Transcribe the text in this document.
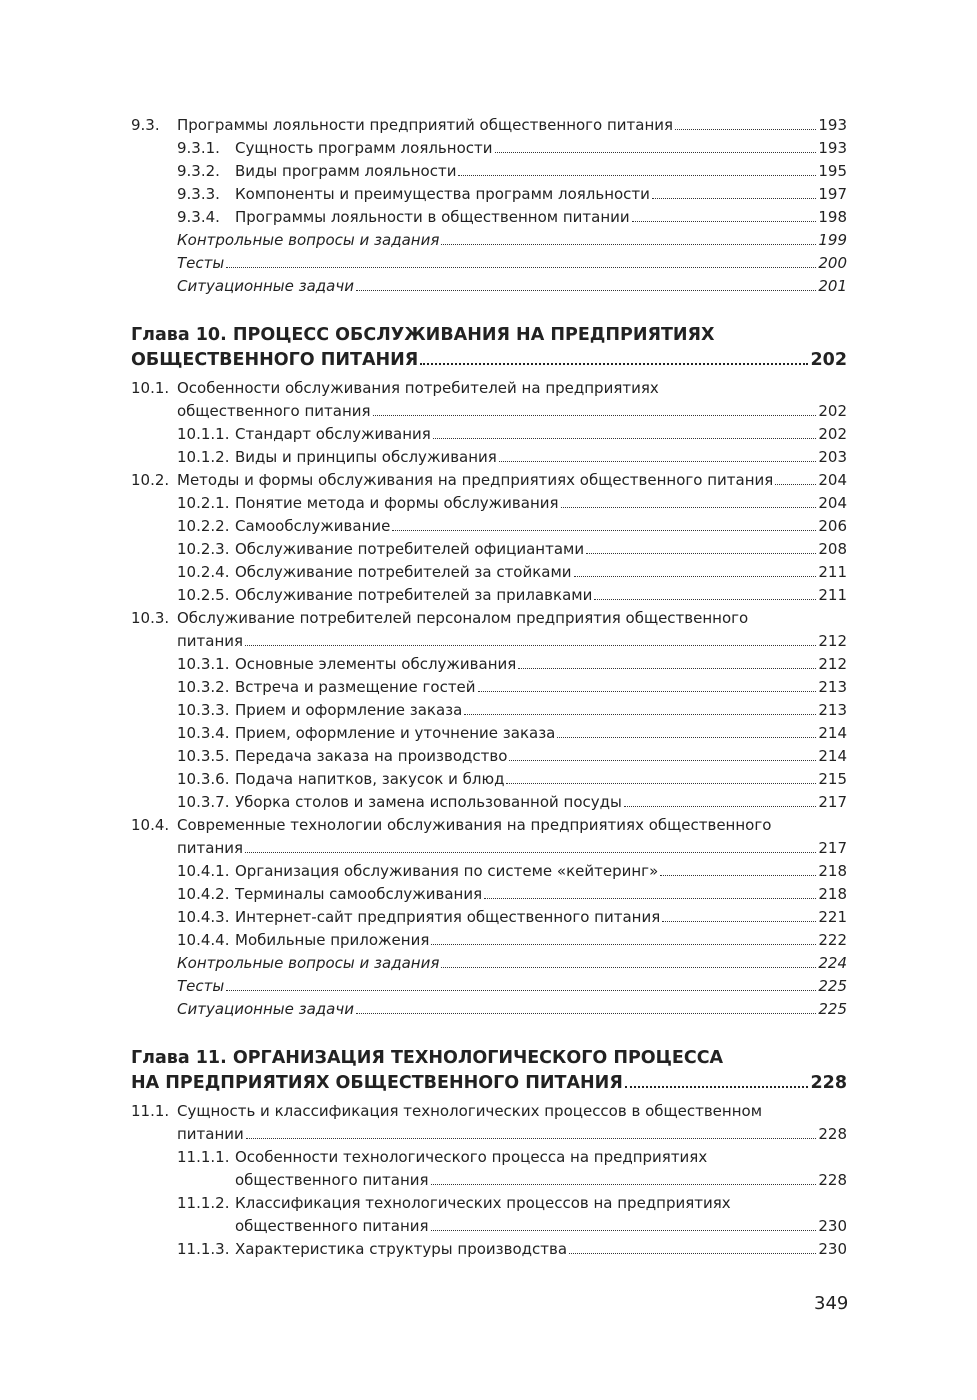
9.3.	Программы лояльности предприятий общественного питания	193
9.3.1.	Сущность программ лояльности	193
9.3.2.	Виды программ лояльности	195
9.3.3.	Компоненты и преимущества программ лояльности	197
9.3.4.	Программы лояльности в общественном питании	198
Контрольные вопросы и задания	199
Тесты	200
Ситуационные задачи	201
Глава 10. ПРОЦЕСС ОБСЛУЖИВАНИЯ НА ПРЕДПРИЯТИЯХ
ОБЩЕСТВЕННОГО ПИТАНИЯ	202
10.1. Особенности обслуживания потребителей на предприятиях
общественного питания	202
10.1.1. Стандарт обслуживания	202
10.1.2. Виды и принципы обслуживания	203
10.2. Методы и формы обслуживания на предприятиях общественного питания	204
10.2.1. Понятие метода и формы обслуживания	204
10.2.2. Самообслуживание	206
10.2.3. Обслуживание потребителей официантами	208
10.2.4. Обслуживание потребителей за стойками	211
10.2.5. Обслуживание потребителей за прилавками	211
10.3. Обслуживание потребителей персоналом предприятия общественного
питания	212
10.3.1. Основные элементы обслуживания	212
10.3.2. Встреча и размещение гостей	213
10.3.3. Прием и оформление заказа	213
10.3.4. Прием, оформление и уточнение заказа	214
10.3.5. Передача заказа на производство	214
10.3.6. Подача напитков, закусок и блюд	215
10.3.7. Уборка столов и замена использованной посуды	217
10.4. Современные технологии обслуживания на предприятиях общественного
питания	217
10.4.1. Организация обслуживания по системе «кейтеринг»	218
10.4.2. Терминалы самообслуживания	218
10.4.3. Интернет-сайт предприятия общественного питания	221
10.4.4. Мобильные приложения	222
Контрольные вопросы и задания	224
Тесты	225
Ситуационные задачи	225
Глава 11. ОРГАНИЗАЦИЯ ТЕХНОЛОГИЧЕСКОГО ПРОЦЕССА
НА ПРЕДПРИЯТИЯХ ОБЩЕСТВЕННОГО ПИТАНИЯ	228
11.1. Сущность и классификация технологических процессов в общественном
питании	228
11.1.1. Особенности технологического процесса на предприятиях
общественного питания	228
11.1.2. Классификация технологических процессов на предприятиях
общественного питания	230
11.1.3. Характеристика структуры производства	230
349
